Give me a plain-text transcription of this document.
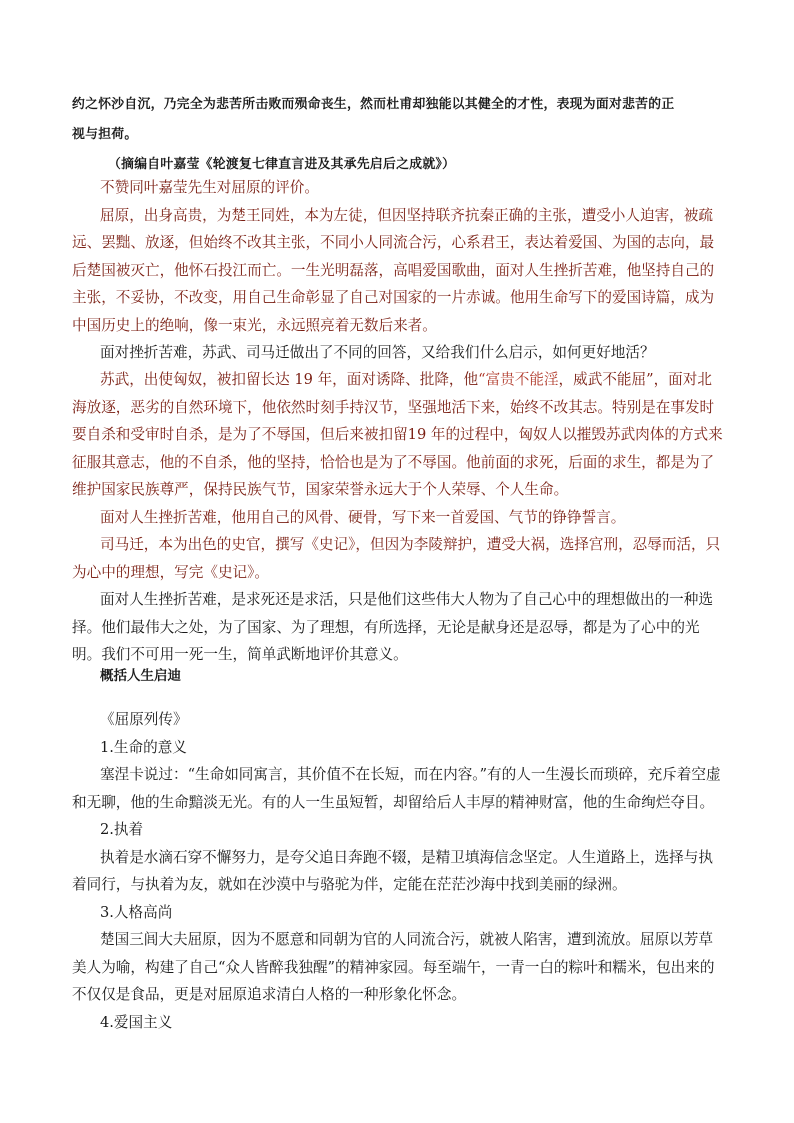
约之怀沙自沉，乃完全为悲苦所击败而殒命丧生，然而杜甫却独能以其健全的才性，表现为面对悲苦的正

视与担荷。

（摘编自叶嘉莹《轮渡复七律直言进及其承先启后之成就》）

不赞同叶嘉莹先生对屈原的评价。

屈原，出身高贵，为楚王同姓，本为左徒，但因坚持联齐抗秦正确的主张，遭受小人迫害，被疏远、罢黜、放逐，但始终不改其主张，不同小人同流合污，心系君王，表达着爱国、为国的志向，最后楚国被灭亡，他怀石投江而亡。一生光明磊落，高唱爱国歌曲，面对人生挫折苦难，他坚持自己的主张，不妥协，不改变，用自己生命彰显了自己对国家的一片赤诚。他用生命写下的爱国诗篇，成为中国历史上的绝响，像一束光，永远照亮着无数后来者。

面对挫折苦难，苏武、司马迁做出了不同的回答，又给我们什么启示，如何更好地活？

苏武，出使匈奴，被扣留长达 19 年，面对诱降、批降，他“富贵不能淫，威武不能屈”，面对北海放逐，恶劣的自然环境下，他依然时刻手持汉节，坚强地活下来，始终不改其志。特别是在事发时要自杀和受审时自杀，是为了不辱国，但后来被扣留19 年的过程中，匈奴人以摧毁苏武肉体的方式来征服其意志，他的不自杀，他的坚持，恰恰也是为了不辱国。他前面的求死，后面的求生，都是为了维护国家民族尊严，保持民族气节，国家荣誉永远大于个人荣辱、个人生命。

面对人生挫折苦难，他用自己的风骨、硬骨，写下来一首爱国、气节的铮铮誓言。

司马迁，本为出色的史官，撰写《史记》，但因为李陵辩护，遭受大祸，选择宫刑，忍辱而活，只为心中的理想，写完《史记》。

面对人生挫折苦难，是求死还是求活，只是他们这些伟大人物为了自己心中的理想做出的一种选择。他们最伟大之处，为了国家、为了理想，有所选择，无论是献身还是忍辱，都是为了心中的光明。我们不可用一死一生，简单武断地评价其意义。

概括人生启迪

《屈原列传》

1.生命的意义

塞涅卡说过：“生命如同寓言，其价值不在长短，而在内容。”有的人一生漫长而琐碎，充斥着空虚和无聊，他的生命黯淡无光。有的人一生虽短暂，却留给后人丰厚的精神财富，他的生命绚烂夺目。

2.执着

执着是水滴石穿不懈努力，是夸父追日奔跑不辍，是精卫填海信念坚定。人生道路上，选择与执着同行，与执着为友，就如在沙漠中与骆驼为伴，定能在茫茫沙海中找到美丽的绿洲。

3.人格高尚

楚国三闾大夫屈原，因为不愿意和同朝为官的人同流合污，就被人陷害，遭到流放。屈原以芳草美人为喻，构建了自己“众人皆醉我独醒”的精神家园。每至端午，一青一白的粽叶和糯米，包出来的不仅仅是食品，更是对屈原追求清白人格的一种形象化怀念。

4.爱国主义
